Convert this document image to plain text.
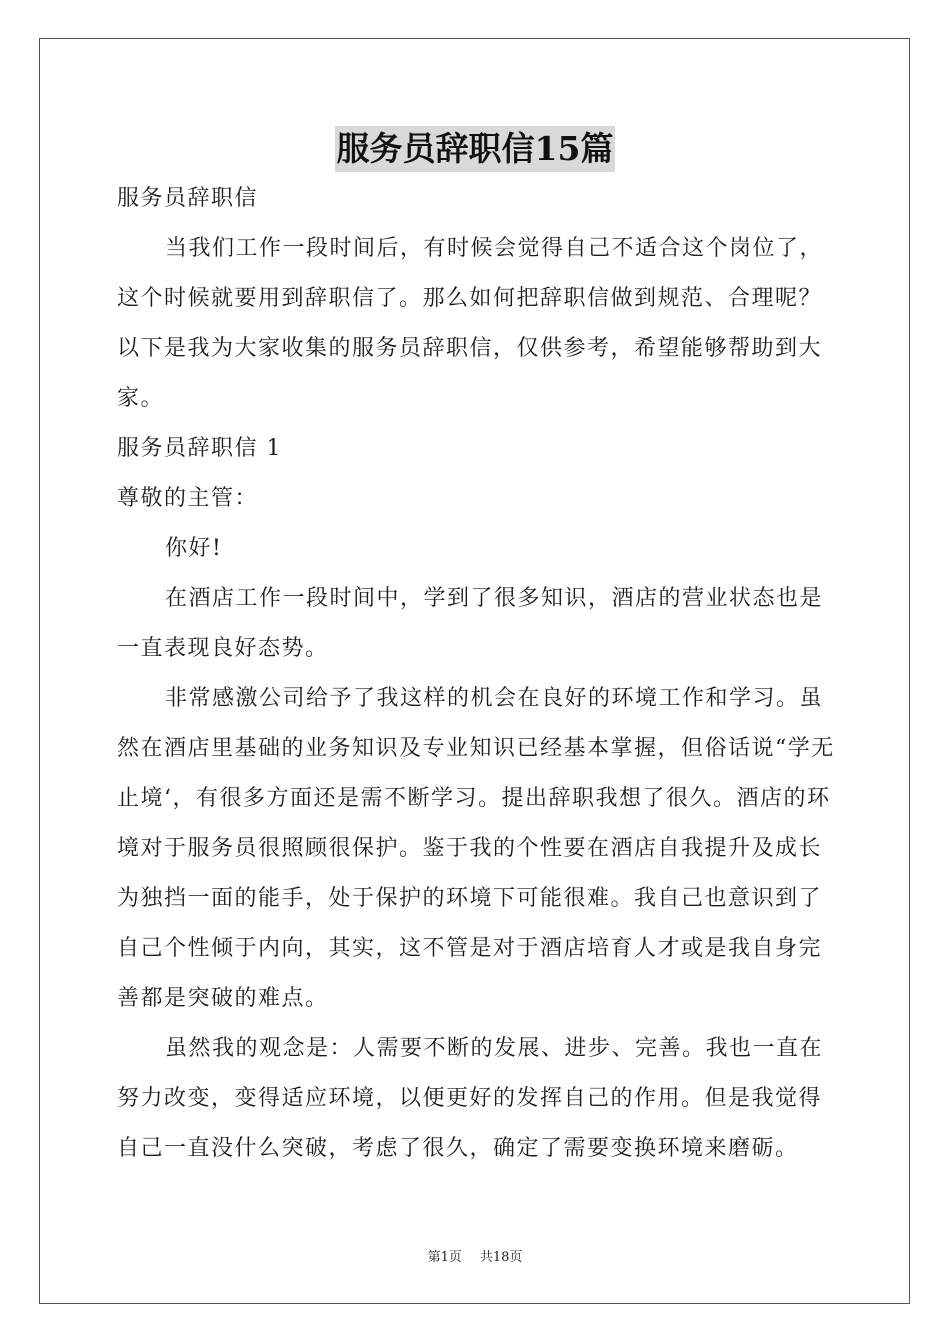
服务员辞职信15篇

服务员辞职信

当我们工作一段时间后，有时候会觉得自己不适合这个岗位了，这个时候就要用到辞职信了。那么如何把辞职信做到规范、合理呢？以下是我为大家收集的服务员辞职信，仅供参考，希望能够帮助到大家。

服务员辞职信 1

尊敬的主管：

你好!

在酒店工作一段时间中，学到了很多知识，酒店的营业状态也是一直表现良好态势。

非常感激公司给予了我这样的机会在良好的环境工作和学习。虽然在酒店里基础的业务知识及专业知识已经基本掌握，但俗话说“学无止境‘，有很多方面还是需不断学习。提出辞职我想了很久。酒店的环境对于服务员很照顾很保护。鉴于我的个性要在酒店自我提升及成长为独挡一面的能手，处于保护的环境下可能很难。我自己也意识到了自己个性倾于内向，其实，这不管是对于酒店培育人才或是我自身完善都是突破的难点。

虽然我的观念是：人需要不断的发展、进步、完善。我也一直在努力改变，变得适应环境，以便更好的发挥自己的作用。但是我觉得自己一直没什么突破，考虑了很久，确定了需要变换环境来磨砺。

第1页 共18页
